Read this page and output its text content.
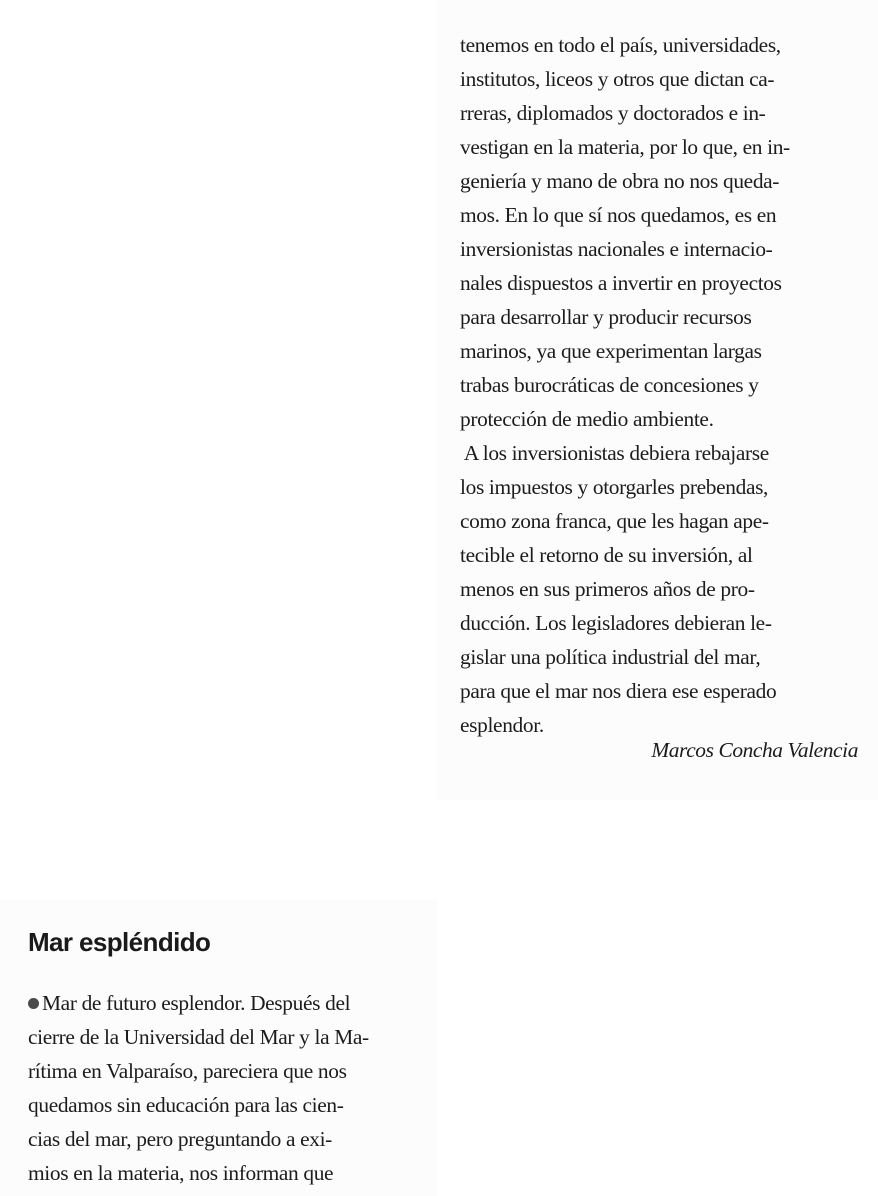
tenemos en todo el país, universidades,
institutos, liceos y otros que dictan ca-
rreras, diplomados y doctorados e in-
vestigan en la materia, por lo que, en in-
geniería y mano de obra no nos queda-
mos. En lo que sí nos quedamos, es en
inversionistas nacionales e internacio-
nales dispuestos a invertir en proyectos
para desarrollar y producir recursos
marinos, ya que experimentan largas
trabas burocráticas de concesiones y
protección de medio ambiente.
A los inversionistas debiera rebajarse
los impuestos y otorgarles prebendas,
como zona franca, que les hagan ape-
tecible el retorno de su inversión, al
menos en sus primeros años de pro-
ducción. Los legisladores debieran le-
gislar una política industrial del mar,
para que el mar nos diera ese esperado
esplendor.
Marcos Concha Valencia
Mar espléndido
Mar de futuro esplendor. Después del
cierre de la Universidad del Mar y la Ma-
rítima en Valparaíso, pareciera que nos
quedamos sin educación para las cien-
cias del mar, pero preguntando a exi-
mios en la materia, nos informan que
